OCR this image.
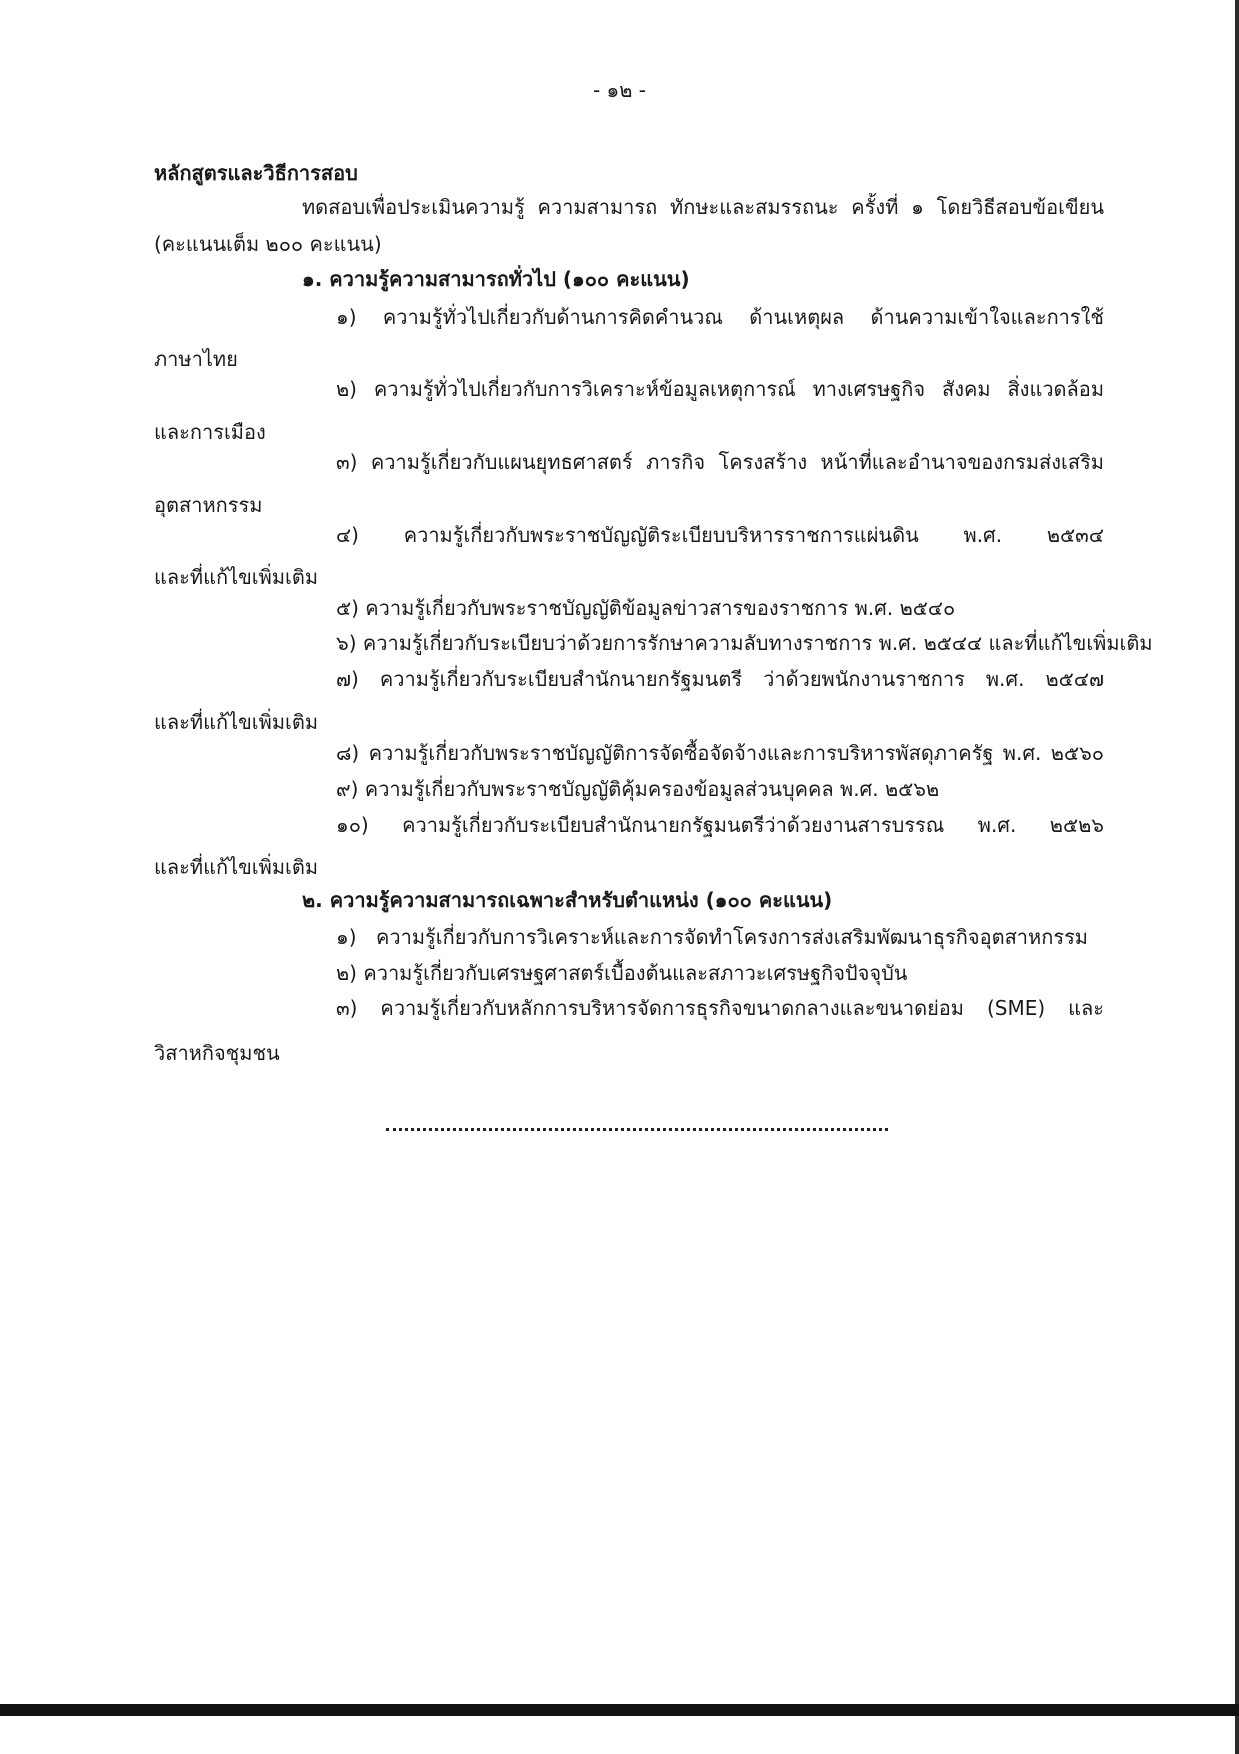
- ๑๒ -
หลักสูตรและวิธีการสอบ
ทดสอบเพื่อประเมินความรู้ ความสามารถ ทักษะและสมรรถนะ ครั้งที่ ๑ โดยวิธีสอบข้อเขียน
(คะแนนเต็ม ๒๐๐ คะแนน)
๑. ความรู้ความสามารถทั่วไป (๑๐๐ คะแนน)
๑) ความรู้ทั่วไปเกี่ยวกับด้านการคิดคำนวณ ด้านเหตุผล ด้านความเข้าใจและการใช้
ภาษาไทย
๒) ความรู้ทั่วไปเกี่ยวกับการวิเคราะห์ข้อมูลเหตุการณ์ ทางเศรษฐกิจ สังคม สิ่งแวดล้อม
และการเมือง
๓) ความรู้เกี่ยวกับแผนยุทธศาสตร์ ภารกิจ โครงสร้าง หน้าที่และอำนาจของกรมส่งเสริม
อุตสาหกรรม
๔) ความรู้เกี่ยวกับพระราชบัญญัติระเบียบบริหารราชการแผ่นดิน พ.ศ. ๒๕๓๔
และที่แก้ไขเพิ่มเติม
๕) ความรู้เกี่ยวกับพระราชบัญญัติข้อมูลข่าวสารของราชการ พ.ศ. ๒๕๔๐
๖) ความรู้เกี่ยวกับระเบียบว่าด้วยการรักษาความลับทางราชการ พ.ศ. ๒๕๔๔ และที่แก้ไขเพิ่มเติม
๗) ความรู้เกี่ยวกับระเบียบสำนักนายกรัฐมนตรี ว่าด้วยพนักงานราชการ พ.ศ. ๒๕๔๗
และที่แก้ไขเพิ่มเติม
๘) ความรู้เกี่ยวกับพระราชบัญญัติการจัดซื้อจัดจ้างและการบริหารพัสดุภาครัฐ พ.ศ. ๒๕๖๐
๙) ความรู้เกี่ยวกับพระราชบัญญัติคุ้มครองข้อมูลส่วนบุคคล พ.ศ. ๒๕๖๒
๑๐) ความรู้เกี่ยวกับระเบียบสำนักนายกรัฐมนตรีว่าด้วยงานสารบรรณ พ.ศ. ๒๕๒๖
และที่แก้ไขเพิ่มเติม
๒. ความรู้ความสามารถเฉพาะสำหรับตำแหน่ง (๑๐๐ คะแนน)
๑) ความรู้เกี่ยวกับการวิเคราะห์และการจัดทำโครงการส่งเสริมพัฒนาธุรกิจอุตสาหกรรม
๒) ความรู้เกี่ยวกับเศรษฐศาสตร์เบื้องต้นและสภาวะเศรษฐกิจปัจจุบัน
๓) ความรู้เกี่ยวกับหลักการบริหารจัดการธุรกิจขนาดกลางและขนาดย่อม (SME) และ
วิสาหกิจชุมชน
